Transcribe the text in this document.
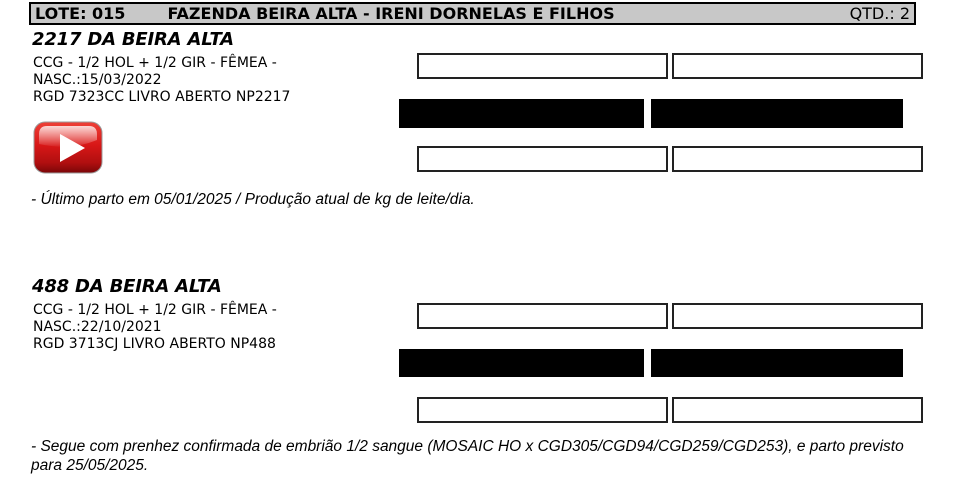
LOTE: 015	FAZENDA BEIRA ALTA - IRENI DORNELAS E FILHOS	QTD.: 2
2217 DA BEIRA ALTA
CCG - 1/2 HOL + 1/2 GIR - FÊMEA -
NASC.:15/03/2022
RGD 7323CC LIVRO ABERTO NP2217
- Último parto em 05/01/2025 / Produção atual de kg de leite/dia.
488 DA BEIRA ALTA
CCG - 1/2 HOL + 1/2 GIR - FÊMEA -
NASC.:22/10/2021
RGD 3713CJ LIVRO ABERTO NP488
- Segue com prenhez confirmada de embrião 1/2 sangue (MOSAIC HO x CGD305/CGD94/CGD259/CGD253), e parto previsto para 25/05/2025.
